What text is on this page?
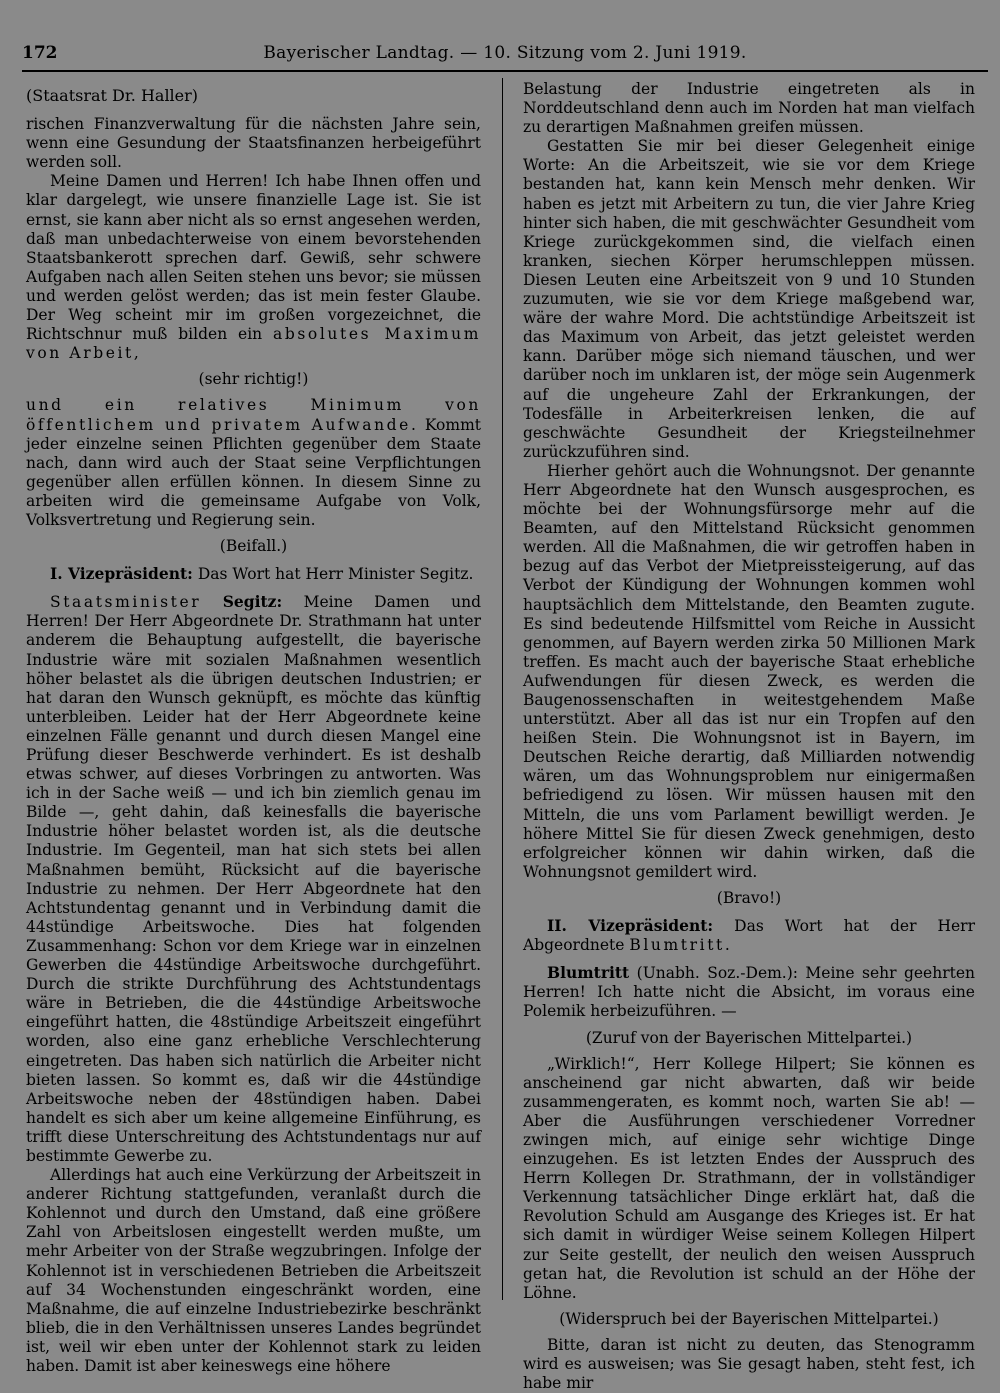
172	Bayerischer Landtag. — 10. Sitzung vom 2. Juni 1919.

(Staatsrat Dr. Haller)

rischen Finanzverwaltung für die nächsten Jahre sein, wenn eine Gesundung der Staatsfinanzen herbeigeführt werden soll.

Meine Damen und Herren! Ich habe Ihnen offen und klar dargelegt, wie unsere finanzielle Lage ist. Sie ist ernst, sie kann aber nicht als so ernst angesehen werden, daß man unbedachterweise von einem bevorstehenden Staatsbankerott sprechen darf. Gewiß, sehr schwere Aufgaben nach allen Seiten stehen uns bevor; sie müssen und werden gelöst werden; das ist mein fester Glaube. Der Weg scheint mir im großen vorgezeichnet, die Richtschnur muß bilden ein absolutes Maximum von Arbeit,

(sehr richtig!)

und ein relatives Minimum von öffentlichem und privatem Aufwande. Kommt jeder einzelne seinen Pflichten gegenüber dem Staate nach, dann wird auch der Staat seine Verpflichtungen gegenüber allen erfüllen können. In diesem Sinne zu arbeiten wird die gemeinsame Aufgabe von Volk, Volksvertretung und Regierung sein.

(Beifall.)

I. Vizepräsident: Das Wort hat Herr Minister Segitz.

Staatsminister Segitz: Meine Damen und Herren! Der Herr Abgeordnete Dr. Strathmann hat unter anderem die Behauptung aufgestellt, die bayerische Industrie wäre mit sozialen Maßnahmen wesentlich höher belastet als die übrigen deutschen Industrien; er hat daran den Wunsch geknüpft, es möchte das künftig unterbleiben. Leider hat der Herr Abgeordnete keine einzelnen Fälle genannt und durch diesen Mangel eine Prüfung dieser Beschwerde verhindert. Es ist deshalb etwas schwer, auf dieses Vorbringen zu antworten. Was ich in der Sache weiß — und ich bin ziemlich genau im Bilde —, geht dahin, daß keinesfalls die bayerische Industrie höher belastet worden ist, als die deutsche Industrie. Im Gegenteil, man hat sich stets bei allen Maßnahmen bemüht, Rücksicht auf die bayerische Industrie zu nehmen. Der Herr Abgeordnete hat den Achtstundentag genannt und in Verbindung damit die 44stündige Arbeitswoche. Dies hat folgenden Zusammenhang: Schon vor dem Kriege war in einzelnen Gewerben die 44stündige Arbeitswoche durchgeführt. Durch die strikte Durchführung des Achtstundentags wäre in Betrieben, die die 44stündige Arbeitswoche eingeführt hatten, die 48stündige Arbeitszeit eingeführt worden, also eine ganz erhebliche Verschlechterung eingetreten. Das haben sich natürlich die Arbeiter nicht bieten lassen. So kommt es, daß wir die 44stündige Arbeitswoche neben der 48stündigen haben. Dabei handelt es sich aber um keine allgemeine Einführung, es trifft diese Unterschreitung des Achtstundentags nur auf bestimmte Gewerbe zu.

Allerdings hat auch eine Verkürzung der Arbeitszeit in anderer Richtung stattgefunden, veranlaßt durch die Kohlennot und durch den Umstand, daß eine größere Zahl von Arbeitslosen eingestellt werden mußte, um mehr Arbeiter von der Straße wegzubringen. Infolge der Kohlennot ist in verschiedenen Betrieben die Arbeitszeit auf 34 Wochenstunden eingeschränkt worden, eine Maßnahme, die auf einzelne Industriebezirke beschränkt blieb, die in den Verhältnissen unseres Landes begründet ist, weil wir eben unter der Kohlennot stark zu leiden haben. Damit ist aber keineswegs eine höhere

Belastung der Industrie eingetreten als in Norddeutschland denn auch im Norden hat man vielfach zu derartigen Maßnahmen greifen müssen.

Gestatten Sie mir bei dieser Gelegenheit einige Worte: An die Arbeitszeit, wie sie vor dem Kriege bestanden hat, kann kein Mensch mehr denken. Wir haben es jetzt mit Arbeitern zu tun, die vier Jahre Krieg hinter sich haben, die mit geschwächter Gesundheit vom Kriege zurückgekommen sind, die vielfach einen kranken, siechen Körper herumschleppen müssen. Diesen Leuten eine Arbeitszeit von 9 und 10 Stunden zuzumuten, wie sie vor dem Kriege maßgebend war, wäre der wahre Mord. Die achtstündige Arbeitszeit ist das Maximum von Arbeit, das jetzt geleistet werden kann. Darüber möge sich niemand täuschen, und wer darüber noch im unklaren ist, der möge sein Augenmerk auf die ungeheure Zahl der Erkrankungen, der Todesfälle in Arbeiterkreisen lenken, die auf geschwächte Gesundheit der Kriegsteilnehmer zurückzuführen sind.

Hierher gehört auch die Wohnungsnot. Der genannte Herr Abgeordnete hat den Wunsch ausgesprochen, es möchte bei der Wohnungsfürsorge mehr auf die Beamten, auf den Mittelstand Rücksicht genommen werden. All die Maßnahmen, die wir getroffen haben in bezug auf das Verbot der Mietpreissteigerung, auf das Verbot der Kündigung der Wohnungen kommen wohl hauptsächlich dem Mittelstande, den Beamten zugute. Es sind bedeutende Hilfsmittel vom Reiche in Aussicht genommen, auf Bayern werden zirka 50 Millionen Mark treffen. Es macht auch der bayerische Staat erhebliche Aufwendungen für diesen Zweck, es werden die Baugenossenschaften in weitestgehendem Maße unterstützt. Aber all das ist nur ein Tropfen auf den heißen Stein. Die Wohnungsnot ist in Bayern, im Deutschen Reiche derartig, daß Milliarden notwendig wären, um das Wohnungsproblem nur einigermaßen befriedigend zu lösen. Wir müssen hausen mit den Mitteln, die uns vom Parlament bewilligt werden. Je höhere Mittel Sie für diesen Zweck genehmigen, desto erfolgreicher können wir dahin wirken, daß die Wohnungsnot gemildert wird.

(Bravo!)

II. Vizepräsident: Das Wort hat der Herr Abgeordnete Blumtritt.

Blumtritt (Unabh. Soz.-Dem.): Meine sehr geehrten Herren! Ich hatte nicht die Absicht, im voraus eine Polemik herbeizuführen. —

(Zuruf von der Bayerischen Mittelpartei.)

„Wirklich!“, Herr Kollege Hilpert; Sie können es anscheinend gar nicht abwarten, daß wir beide zusammengeraten, es kommt noch, warten Sie ab! — Aber die Ausführungen verschiedener Vorredner zwingen mich, auf einige sehr wichtige Dinge einzugehen. Es ist letzten Endes der Ausspruch des Herrn Kollegen Dr. Strathmann, der in vollständiger Verkennung tatsächlicher Dinge erklärt hat, daß die Revolution Schuld am Ausgange des Krieges ist. Er hat sich damit in würdiger Weise seinem Kollegen Hilpert zur Seite gestellt, der neulich den weisen Ausspruch getan hat, die Revolution ist schuld an der Höhe der Löhne.

(Widerspruch bei der Bayerischen Mittelpartei.)

Bitte, daran ist nicht zu deuten, das Stenogramm wird es ausweisen; was Sie gesagt haben, steht fest, ich habe mir
